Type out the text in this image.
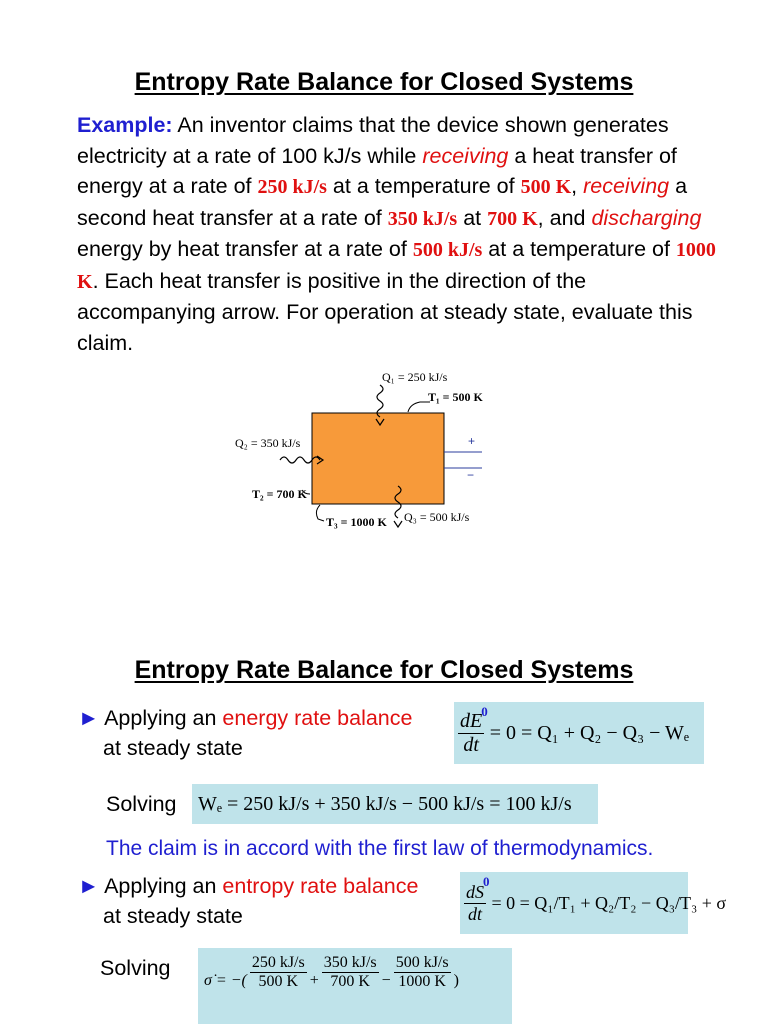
Entropy Rate Balance for Closed Systems
Example: An inventor claims that the device shown generates electricity at a rate of 100 kJ/s while receiving a heat transfer of energy at a rate of 250 kJ/s at a temperature of 500 K, receiving a second heat transfer at a rate of 350 kJ/s at 700 K, and discharging energy by heat transfer at a rate of 500 kJ/s at a temperature of 1000 K. Each heat transfer is positive in the direction of the accompanying arrow. For operation at steady state, evaluate this claim.
Q₁ = 250 kJ/s
T₁ = 500 K
Q₂ = 350 kJ/s
T₂ = 700 K
T₃ = 1000 K Q₃ = 500 kJ/s
+
−
Entropy Rate Balance for Closed Systems
► Applying an energy rate balance
at steady state	$\frac{dE}{dt}$
0
= 0 = Q₁ + Q₂ − Q₃ − Wₑ
Solving	Wₑ = 250 kJ/s + 350 kJ/s − 500 kJ/s = 100 kJ/s
The claim is in accord with the first law of thermodynamics.
► Applying an entropy rate balance
at steady state	$\frac{dS}{dt}$
0
= 0 = Q₁/T₁ + Q₂/T₂ − Q₃/T₃ + σ
Solving
σ̇ = −( $\frac{250 kJ/s}{500 K} + \frac{350 kJ/s}{700 K} - \frac{500 kJ/s}{1000 K}$ )
